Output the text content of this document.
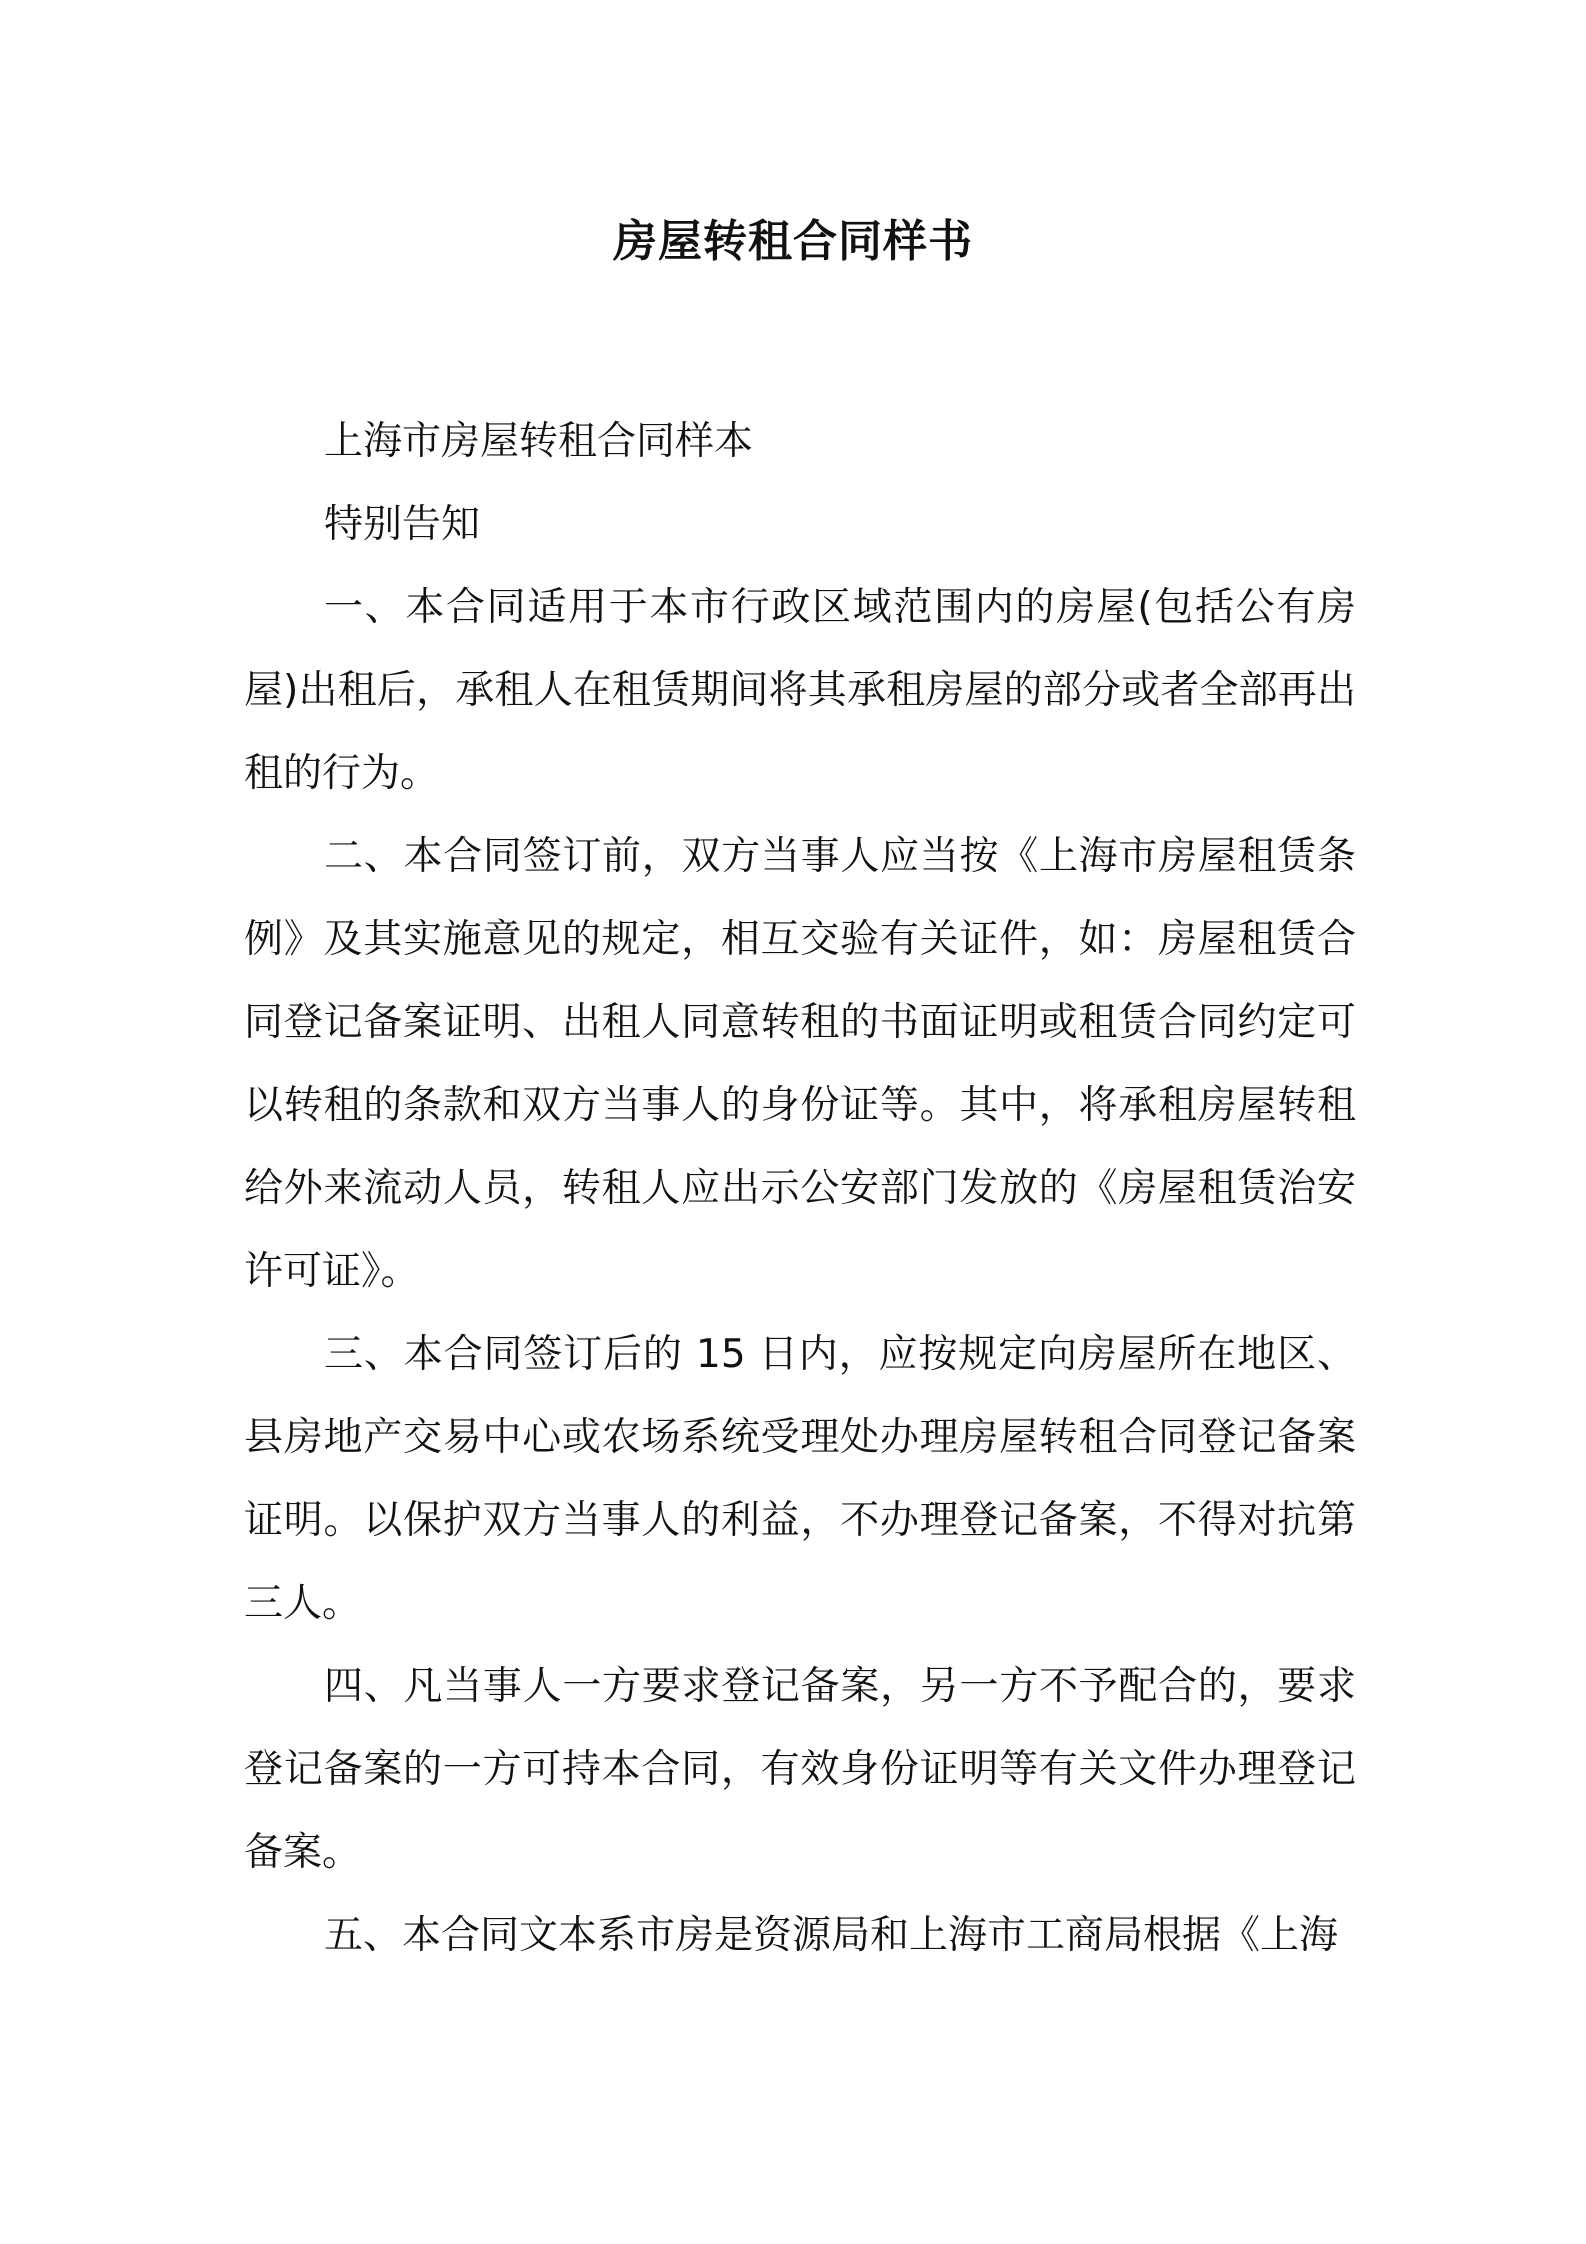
房屋转租合同样书

上海市房屋转租合同样本

特别告知

一、本合同适用于本市行政区域范围内的房屋(包括公有房屋)出租后，承租人在租赁期间将其承租房屋的部分或者全部再出租的行为。

二、本合同签订前，双方当事人应当按《上海市房屋租赁条例》及其实施意见的规定，相互交验有关证件，如：房屋租赁合同登记备案证明、出租人同意转租的书面证明或租赁合同约定可以转租的条款和双方当事人的身份证等。其中，将承租房屋转租给外来流动人员，转租人应出示公安部门发放的《房屋租赁治安许可证》。

三、本合同签订后的 15 日内，应按规定向房屋所在地区、县房地产交易中心或农场系统受理处办理房屋转租合同登记备案证明。以保护双方当事人的利益，不办理登记备案，不得对抗第三人。

四、凡当事人一方要求登记备案，另一方不予配合的，要求登记备案的一方可持本合同，有效身份证明等有关文件办理登记备案。

五、本合同文本系市房是资源局和上海市工商局根据《上海
